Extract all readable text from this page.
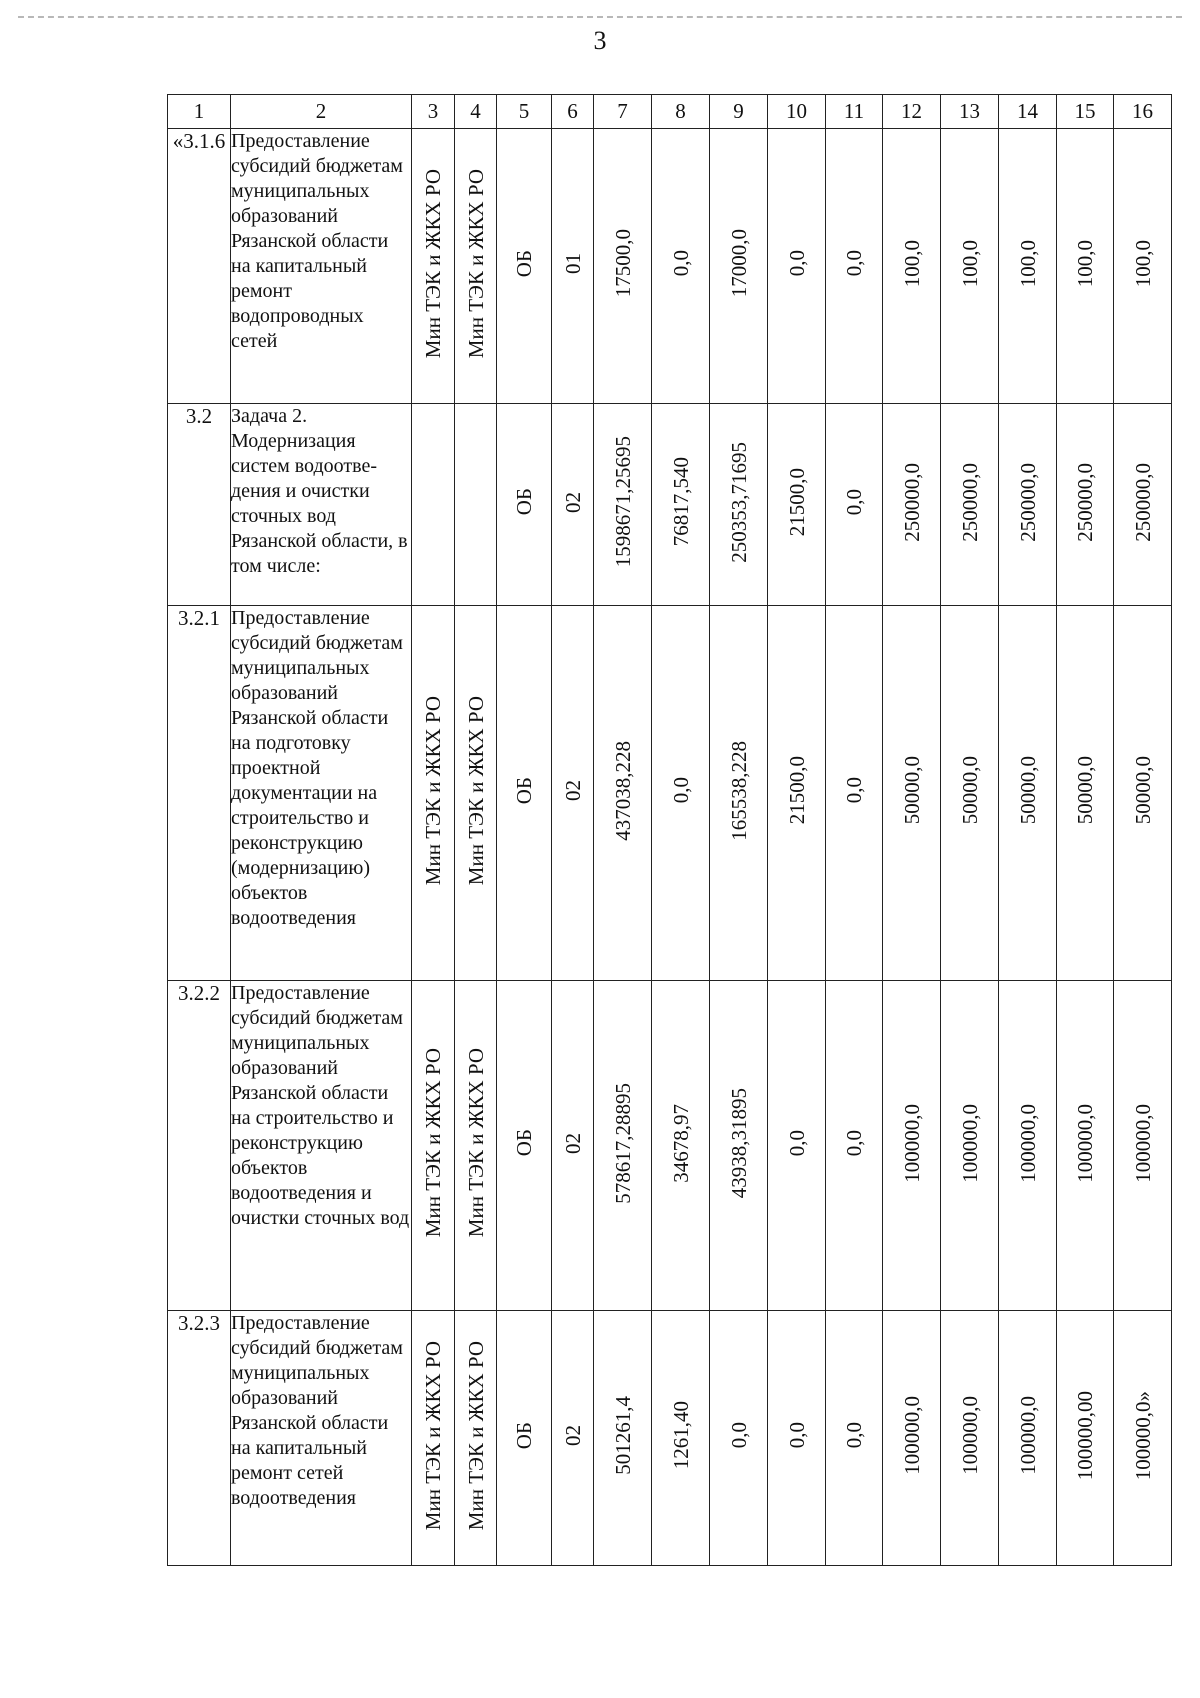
3
1	2	3	4	5	6	7	8	9	10	11	12	13	14	15	16
«3.1.6	Предоставление субсидий бюджетам муниципальных образований Рязанской области на капитальный ремонт водопроводных сетей	Мин ТЭК и ЖКХ РО	Мин ТЭК и ЖКХ РО	ОБ	01	17500,0	0,0	17000,0	0,0	0,0	100,0	100,0	100,0	100,0	100,0
3.2	Задача 2. Модернизация систем водоотве-дения и очистки сточных вод Рязанской области, в том числе:			ОБ	02	1598671,25695	76817,540	250353,71695	21500,0	0,0	250000,0	250000,0	250000,0	250000,0	250000,0
3.2.1	Предоставление субсидий бюджетам муниципальных образований Рязанской области на подготовку проектной документации на строительство и реконструкцию (модернизацию) объектов водоотведения	Мин ТЭК и ЖКХ РО	Мин ТЭК и ЖКХ РО	ОБ	02	437038,228	0,0	165538,228	21500,0	0,0	50000,0	50000,0	50000,0	50000,0	50000,0
3.2.2	Предоставление субсидий бюджетам муниципальных образований Рязанской области на строительство и реконструкцию объектов водоотведения и очистки сточных вод	Мин ТЭК и ЖКХ РО	Мин ТЭК и ЖКХ РО	ОБ	02	578617,28895	34678,97	43938,31895	0,0	0,0	100000,0	100000,0	100000,0	100000,0	100000,0
3.2.3	Предоставление субсидий бюджетам муниципальных образований Рязанской области на капитальный ремонт сетей водоотведения	Мин ТЭК и ЖКХ РО	Мин ТЭК и ЖКХ РО	ОБ	02	501261,4	1261,40	0,0	0,0	0,0	100000,0	100000,0	100000,0	100000,00	100000,0»
